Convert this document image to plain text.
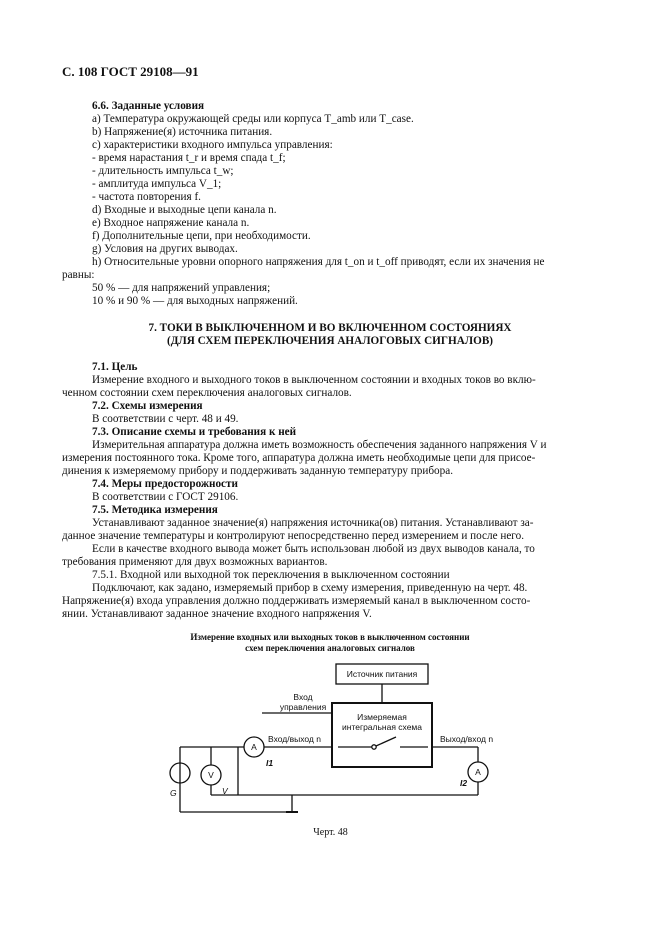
С. 108 ГОСТ 29108—91
6.6. Заданные условия
а) Температура окружающей среды или корпуса T_amb или T_case.
b) Напряжение(я) источника питания.
с) характеристики входного импульса управления:
- время нарастания t_r и время спада t_f;
- длительность импульса t_w;
- амплитуда импульса V_1;
- частота повторения f.
d) Входные и выходные цепи канала n.
е) Входное напряжение канала n.
f) Дополнительные цепи, при необходимости.
g) Условия на других выводах.
h) Относительные уровни опорного напряжения для t_on и t_off приводят, если их значения не
равны:
50 % — для напряжений управления;
10 % и 90 % — для выходных напряжений.
7. ТОКИ В ВЫКЛЮЧЕННОМ И ВО ВКЛЮЧЕННОМ СОСТОЯНИЯХ
(ДЛЯ СХЕМ ПЕРЕКЛЮЧЕНИЯ АНАЛОГОВЫХ СИГНАЛОВ)
7.1. Цель
Измерение входного и выходного токов в выключенном состоянии и входных токов во вклю-
ченном состоянии схем переключения аналоговых сигналов.
7.2. Схемы измерения
В соответствии с черт. 48 и 49.
7.3. Описание схемы и требования к ней
Измерительная аппаратура должна иметь возможность обеспечения заданного напряжения V и
измерения постоянного тока. Кроме того, аппаратура должна иметь необходимые цепи для присое-
динения к измеряемому прибору и поддерживать заданную температуру прибора.
7.4. Меры предосторожности
В соответствии с ГОСТ 29106.
7.5. Методика измерения
Устанавливают заданное значение(я) напряжения источника(ов) питания. Устанавливают за-
данное значение температуры и контролируют непосредственно перед измерением и после него.
Если в качестве входного вывода может быть использован любой из двух выводов канала, то
требования применяют для двух возможных вариантов.
7.5.1. Входной или выходной ток переключения в выключенном состоянии
Подключают, как задано, измеряемый прибор в схему измерения, приведенную на черт. 48.
Напряжение(я) входа управления должно поддерживать измеряемый канал в выключенном состо-
янии. Устанавливают заданное значение входного напряжения V.
Измерение входных или выходных токов в выключенном состоянии
схем переключения аналоговых сигналов
Источник питания
Вход
управления
Измеряемая
интегральная схема
Вход/выход n	Выход/вход n
A
A
V
I1
I2
G	V
Черт. 48
